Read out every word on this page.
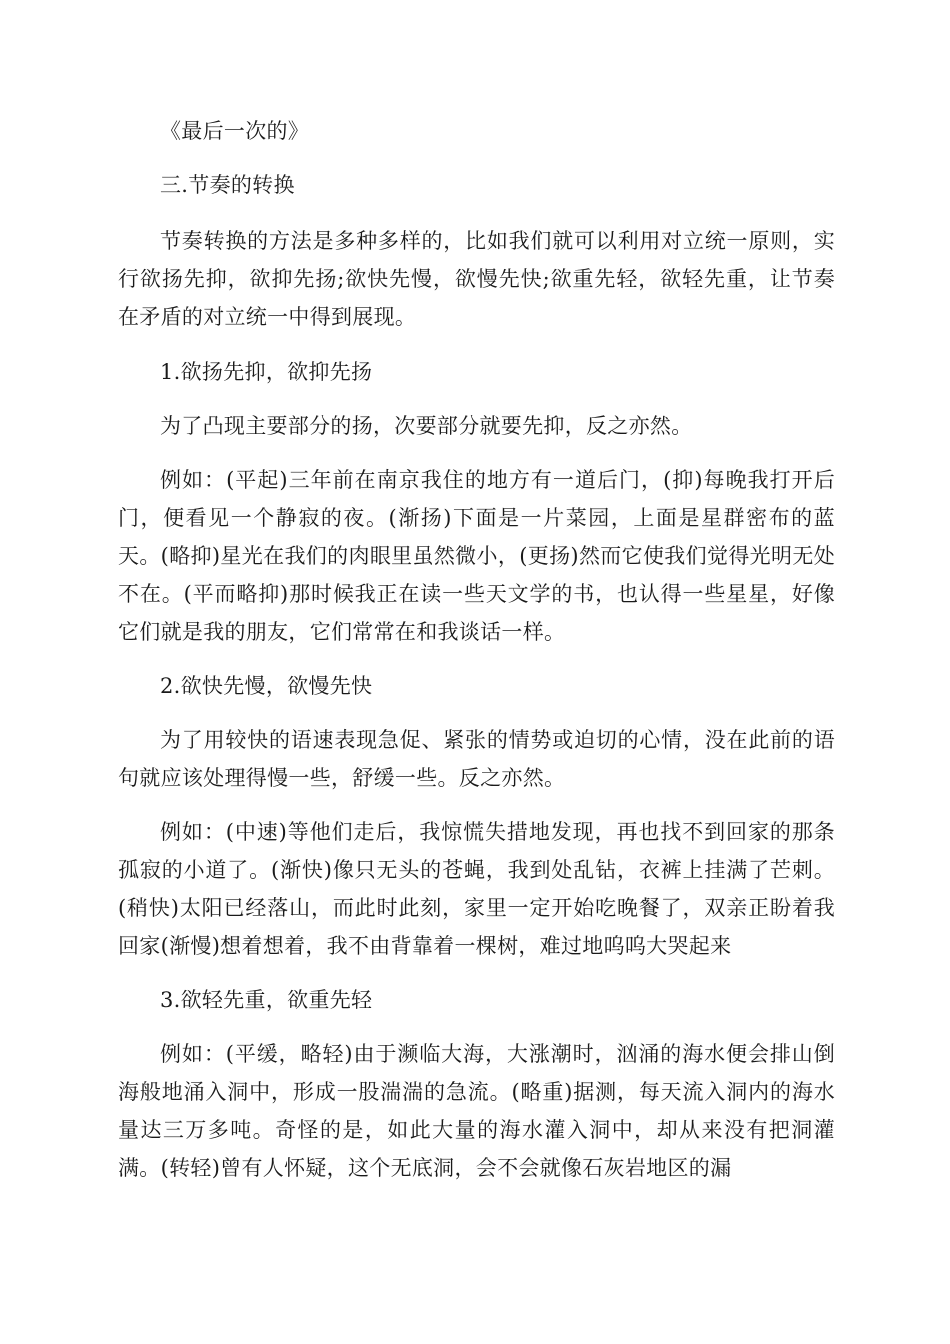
《最后一次的》

三.节奏的转换

节奏转换的方法是多种多样的，比如我们就可以利用对立统一原则，实行欲扬先抑，欲抑先扬;欲快先慢，欲慢先快;欲重先轻，欲轻先重，让节奏在矛盾的对立统一中得到展现。

1.欲扬先抑，欲抑先扬

为了凸现主要部分的扬，次要部分就要先抑，反之亦然。

例如：(平起)三年前在南京我住的地方有一道后门，(抑)每晚我打开后门，便看见一个静寂的夜。(渐扬)下面是一片菜园，上面是星群密布的蓝天。(略抑)星光在我们的肉眼里虽然微小，(更扬)然而它使我们觉得光明无处不在。(平而略抑)那时候我正在读一些天文学的书，也认得一些星星，好像它们就是我的朋友，它们常常在和我谈话一样。

2.欲快先慢，欲慢先快

为了用较快的语速表现急促、紧张的情势或迫切的心情，没在此前的语句就应该处理得慢一些，舒缓一些。反之亦然。

例如：(中速)等他们走后，我惊慌失措地发现，再也找不到回家的那条孤寂的小道了。(渐快)像只无头的苍蝇，我到处乱钻，衣裤上挂满了芒刺。(稍快)太阳已经落山，而此时此刻，家里一定开始吃晚餐了，双亲正盼着我回家(渐慢)想着想着，我不由背靠着一棵树，难过地呜呜大哭起来

3.欲轻先重，欲重先轻

例如：(平缓，略轻)由于濒临大海，大涨潮时，汹涌的海水便会排山倒海般地涌入洞中，形成一股湍湍的急流。(略重)据测，每天流入洞内的海水量达三万多吨。奇怪的是，如此大量的海水灌入洞中，却从来没有把洞灌满。(转轻)曾有人怀疑，这个无底洞，会不会就像石灰岩地区的漏
